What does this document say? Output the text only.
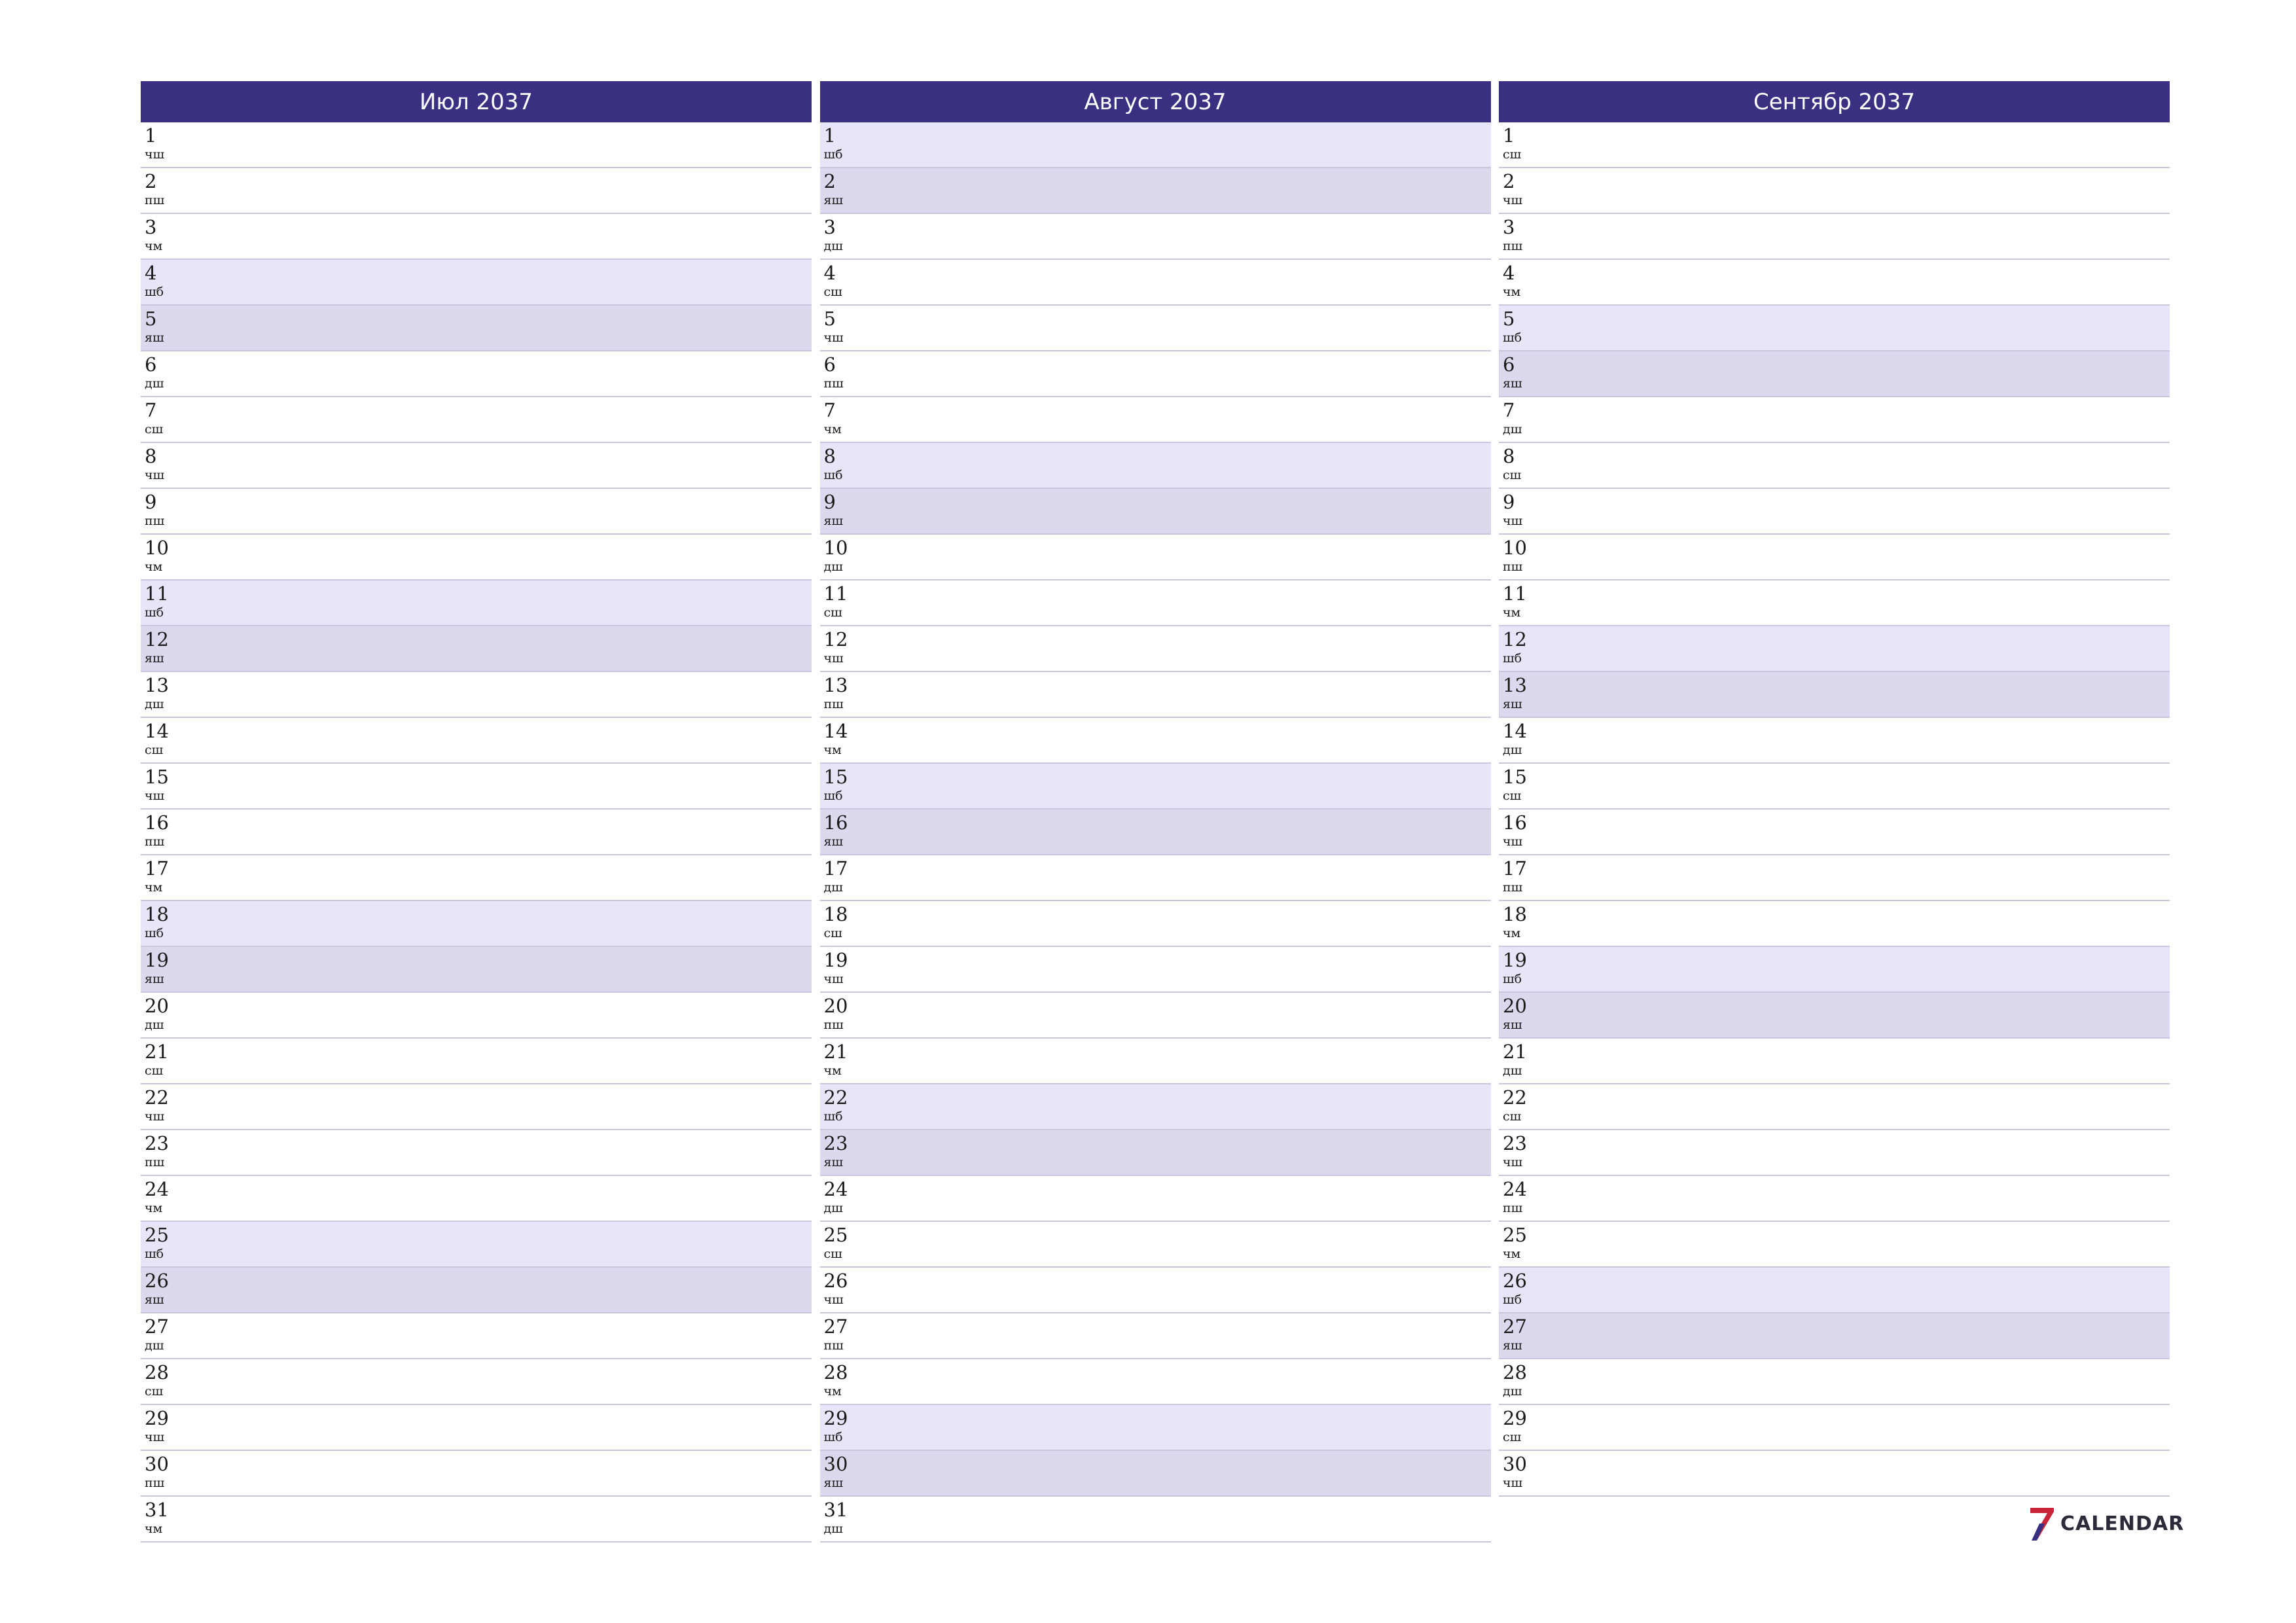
Июл 2037
1
чш
2
пш
3
чм
4
шб
5
яш
6
дш
7
сш
8
чш
9
пш
10
чм
11
шб
12
яш
13
дш
14
сш
15
чш
16
пш
17
чм
18
шб
19
яш
20
дш
21
сш
22
чш
23
пш
24
чм
25
шб
26
яш
27
дш
28
сш
29
чш
30
пш
31
чм
Август 2037
1
шб
2
яш
3
дш
4
сш
5
чш
6
пш
7
чм
8
шб
9
яш
10
дш
11
сш
12
чш
13
пш
14
чм
15
шб
16
яш
17
дш
18
сш
19
чш
20
пш
21
чм
22
шб
23
яш
24
дш
25
сш
26
чш
27
пш
28
чм
29
шб
30
яш
31
дш
Сентябр 2037
1
сш
2
чш
3
пш
4
чм
5
шб
6
яш
7
дш
8
сш
9
чш
10
пш
11
чм
12
шб
13
яш
14
дш
15
сш
16
чш
17
пш
18
чм
19
шб
20
яш
21
дш
22
сш
23
чш
24
пш
25
чм
26
шб
27
яш
28
дш
29
сш
30
чш
CALENDAR
